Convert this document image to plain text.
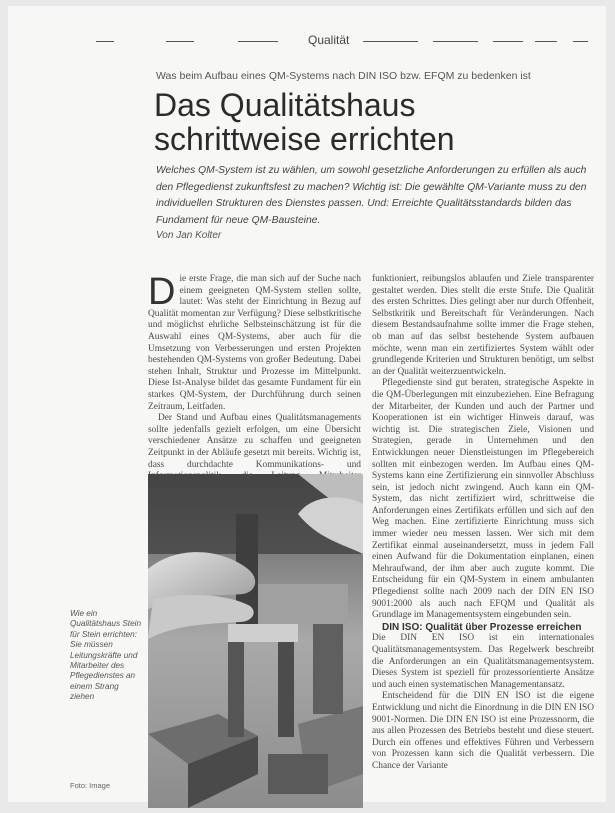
Qualität
Was beim Aufbau eines QM-Systems nach DIN ISO bzw. EFQM zu bedenken ist
Das Qualitätshaus
schrittweise errichten
Welches QM-System ist zu wählen, um sowohl gesetzliche Anforderungen zu erfüllen als auch den Pflegedienst zukunftsfest zu machen? Wichtig ist: Die gewählte QM-Variante muss zu den individuellen Strukturen des Dienstes passen. Und: Erreichte Qualitätsstandards bilden das Fundament für neue QM-Bausteine.
Von Jan Kolter

Die erste Frage, die man sich auf der Suche nach einem geeigneten QM-System stellen sollte, lautet: Was steht der Einrichtung in Bezug auf Qualität momentan zur Verfügung? Diese selbstkritische und möglichst ehrliche Selbsteinschätzung ist für die Auswahl eines QM-Systems, aber auch für die Umsetzung von Verbesserungen und ersten Projekten bestehenden QM-Systems von großer Bedeutung. Dabei stehen Inhalt, Struktur und Prozesse im Mittelpunkt. Diese Ist-Analyse bildet das gesamte Fundament für ein starkes QM-System, der Durchführung durch seinen Zeitraum, Leitfaden.

Der Stand und Aufbau eines Qualitätsmanagements sollte jedenfalls gezielt erfolgen, um eine Übersicht verschiedener Ansätze zu schaffen und geeigneten Zeitpunkt in der Abläufe gesetzt mit bereits. Wichtig ist, dass durchdachte Kommunikations- und

funktioniert, reibungslos ablaufen und Ziele transparenter gestaltet werden. Dies stellt die erste Stufe. Die Qualität des ersten Schrittes. Dies gelingt aber nur durch Offenheit, Selbstkritik und Bereitschaft für Veränderungen. Nach diesem Bestandsaufnahme sollte immer die Frage stehen, ob man auf das selbst bestehende System aufbauen möchte, wenn man ein zertifiziertes System wählt oder grundlegende Kriterien und Strukturen benötigt, um selbst an der Qualität weiterzuentwickeln.

Pflegedienste sind gut beraten, strategische Aspekte in die QM-Überlegungen mit einzubeziehen. Eine Befragung der Mitarbeiter, der Kunden und auch der Partner und Kooperationen ist ein wichtiger Hinweis darauf, was wichtig ist. Die strategischen Ziele, Visionen und Strategien, gerade in Unternehmen und den Entwicklungen neuer Dienstleistungen im Pflegebereich sollten mit einbezogen werden. Im Aufbau eines QM-Systems kann eine Zertifizierung ein sinnvoller Abschluss sein, ist jedoch nicht zwingend. Auch kann ein QM-System, das nicht zertifiziert wird, schrittweise die Anforderungen eines Zertifikats erfüllen und sich auf den Weg machen. Eine zertifizierte Einrichtung muss sich immer wieder neu messen lassen. Wer sich mit dem Zertifikat einmal auseinandersetzt, muss in jedem Fall einen Aufwand für die Dokumentation einplanen, einen Mehraufwand, der ihm aber auch zugute kommt. Die Entscheidung für ein QM-System in einem ambulanten Pflegedienst sollte nach 2009 nach der DIN EN ISO 9001:2000 als auch nach EFQM und Qualität als Grundlage im Managementsystem eingebunden sein.

DIN ISO: Qualität über Prozesse erreichen

Die DIN EN ISO ist ein internationales Qualitätsmanagementsystem. Das Regelwerk beschreibt die Anforderungen an ein Qualitätsmanagementsystem. Dieses System ist speziell für prozessorientierte Ansätze und auch einen systematischen Managementansatz.

Entscheidend für die DIN EN ISO ist die eigene Entwicklung und nicht die Einordnung in die DIN EN ISO 9001-Normen. Die DIN EN ISO ist eine Prozessnorm, die aus allen Prozessen des Betriebs besteht und diese steuert. Durch ein offenes und effektives Führen und Verbessern von Prozessen kann sich die Qualität verbessern. Die Chance der Variante

Wie ein Qualitätshaus Stein für Stein errichten: Sie müssen Leitungskräfte und Mitarbeiter des Pflegedienstes an einem Strang ziehen
Foto: Image
